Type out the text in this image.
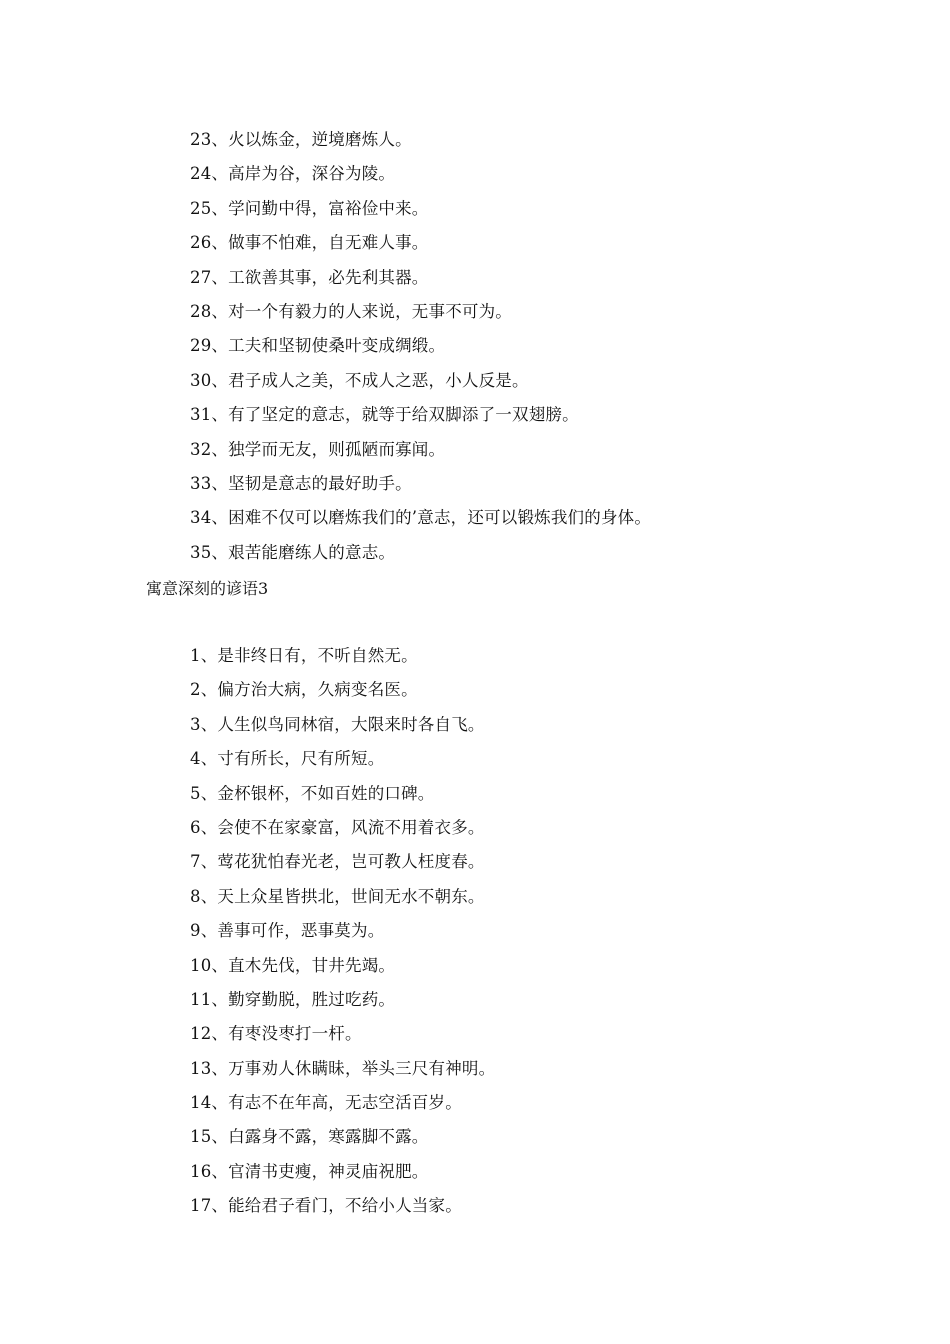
23、火以炼金，逆境磨炼人。
24、高岸为谷，深谷为陵。
25、学问勤中得，富裕俭中来。
26、做事不怕难，自无难人事。
27、工欲善其事，必先利其器。
28、对一个有毅力的人来说，无事不可为。
29、工夫和坚韧使桑叶变成绸缎。
30、君子成人之美，不成人之恶，小人反是。
31、有了坚定的意志，就等于给双脚添了一双翅膀。
32、独学而无友，则孤陋而寡闻。
33、坚韧是意志的最好助手。
34、困难不仅可以磨炼我们的’意志，还可以锻炼我们的身体。
35、艰苦能磨练人的意志。
寓意深刻的谚语3
1、是非终日有，不听自然无。
2、偏方治大病，久病变名医。
3、人生似鸟同林宿，大限来时各自飞。
4、寸有所长，尺有所短。
5、金杯银杯，不如百姓的口碑。
6、会使不在家豪富，风流不用着衣多。
7、莺花犹怕春光老，岂可教人枉度春。
8、天上众星皆拱北，世间无水不朝东。
9、善事可作，恶事莫为。
10、直木先伐，甘井先竭。
11、勤穿勤脱，胜过吃药。
12、有枣没枣打一杆。
13、万事劝人休瞒昧，举头三尺有神明。
14、有志不在年高，无志空活百岁。
15、白露身不露，寒露脚不露。
16、官清书吏瘦，神灵庙祝肥。
17、能给君子看门，不给小人当家。
